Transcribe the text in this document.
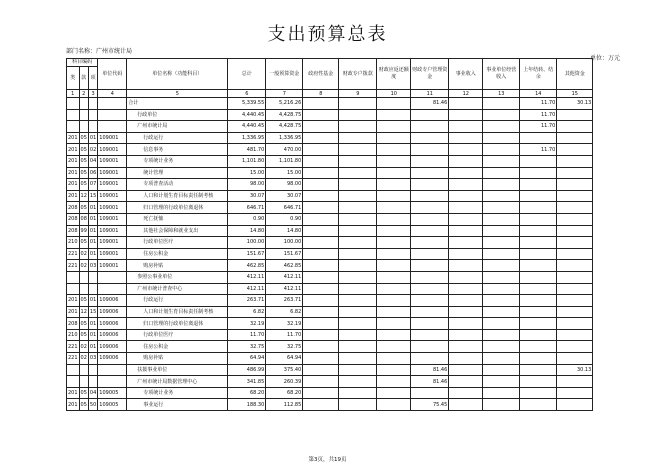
支出预算总表
部门名称：广州市统计局
单位：万元
科目编码			单位代码	单位名称（功能科目）	总计	一般预算资金	政府性基金	财政专户拨款	财政应返还额度	财政专户管理资金	事业收入	事业单位经营收入	上年结转、结余	其他资金
类	款	项												
1	2	3	4	5	6	7	8	9	10	11	12	13	14	15
				合计	5,339.55	5,216.26				81.46			11.70	30.13
				行政单位	4,440.45	4,428.75							11.70	
				广州市统计局	4,440.45	4,428.75							11.70	
201	05	01	109001	行政运行	1,336.95	1,336.95								
201	05	02	109001	信息事务	481.70	470.00							11.70	
201	05	04	109001	专项统计业务	1,101.80	1,101.80								
201	05	06	109001	统计管理	15.00	15.00								
201	05	07	109001	专项普查活动	98.00	98.00								
201	12	15	109001	人口和计划生育目标责任制考核	30.07	30.07								
208	05	01	109001	归口管理的行政单位离退休	646.71	646.71								
208	08	01	109001	死亡抚恤	0.90	0.90								
208	99	01	109001	其他社会保障和就业支出	14.80	14.80								
210	05	01	109001	行政单位医疗	100.00	100.00								
221	02	01	109001	住房公积金	151.67	151.67								
221	02	03	109001	购房补贴	462.85	462.85								
				参照公事业单位	412.11	412.11								
				广州市统计普查中心	412.11	412.11								
201	05	01	109006	行政运行	263.71	263.71								
201	12	15	109006	人口和计划生育目标责任制考核	6.82	6.82								
208	05	01	109006	归口管理的行政单位离退休	32.19	32.19								
210	05	01	109006	行政单位医疗	11.70	11.70								
221	02	01	109006	住房公积金	32.75	32.75								
221	02	03	109006	购房补贴	64.94	64.94								
				扶拨事业单位	486.99	375.40				81.46				30.13
				广州市统计局数据管理中心	341.85	260.39				81.46				
201	05	04	109005	专项统计业务	68.20	68.20								
201	05	50	109005	事业运行	188.30	112.85				75.45				
第3页，共19页
